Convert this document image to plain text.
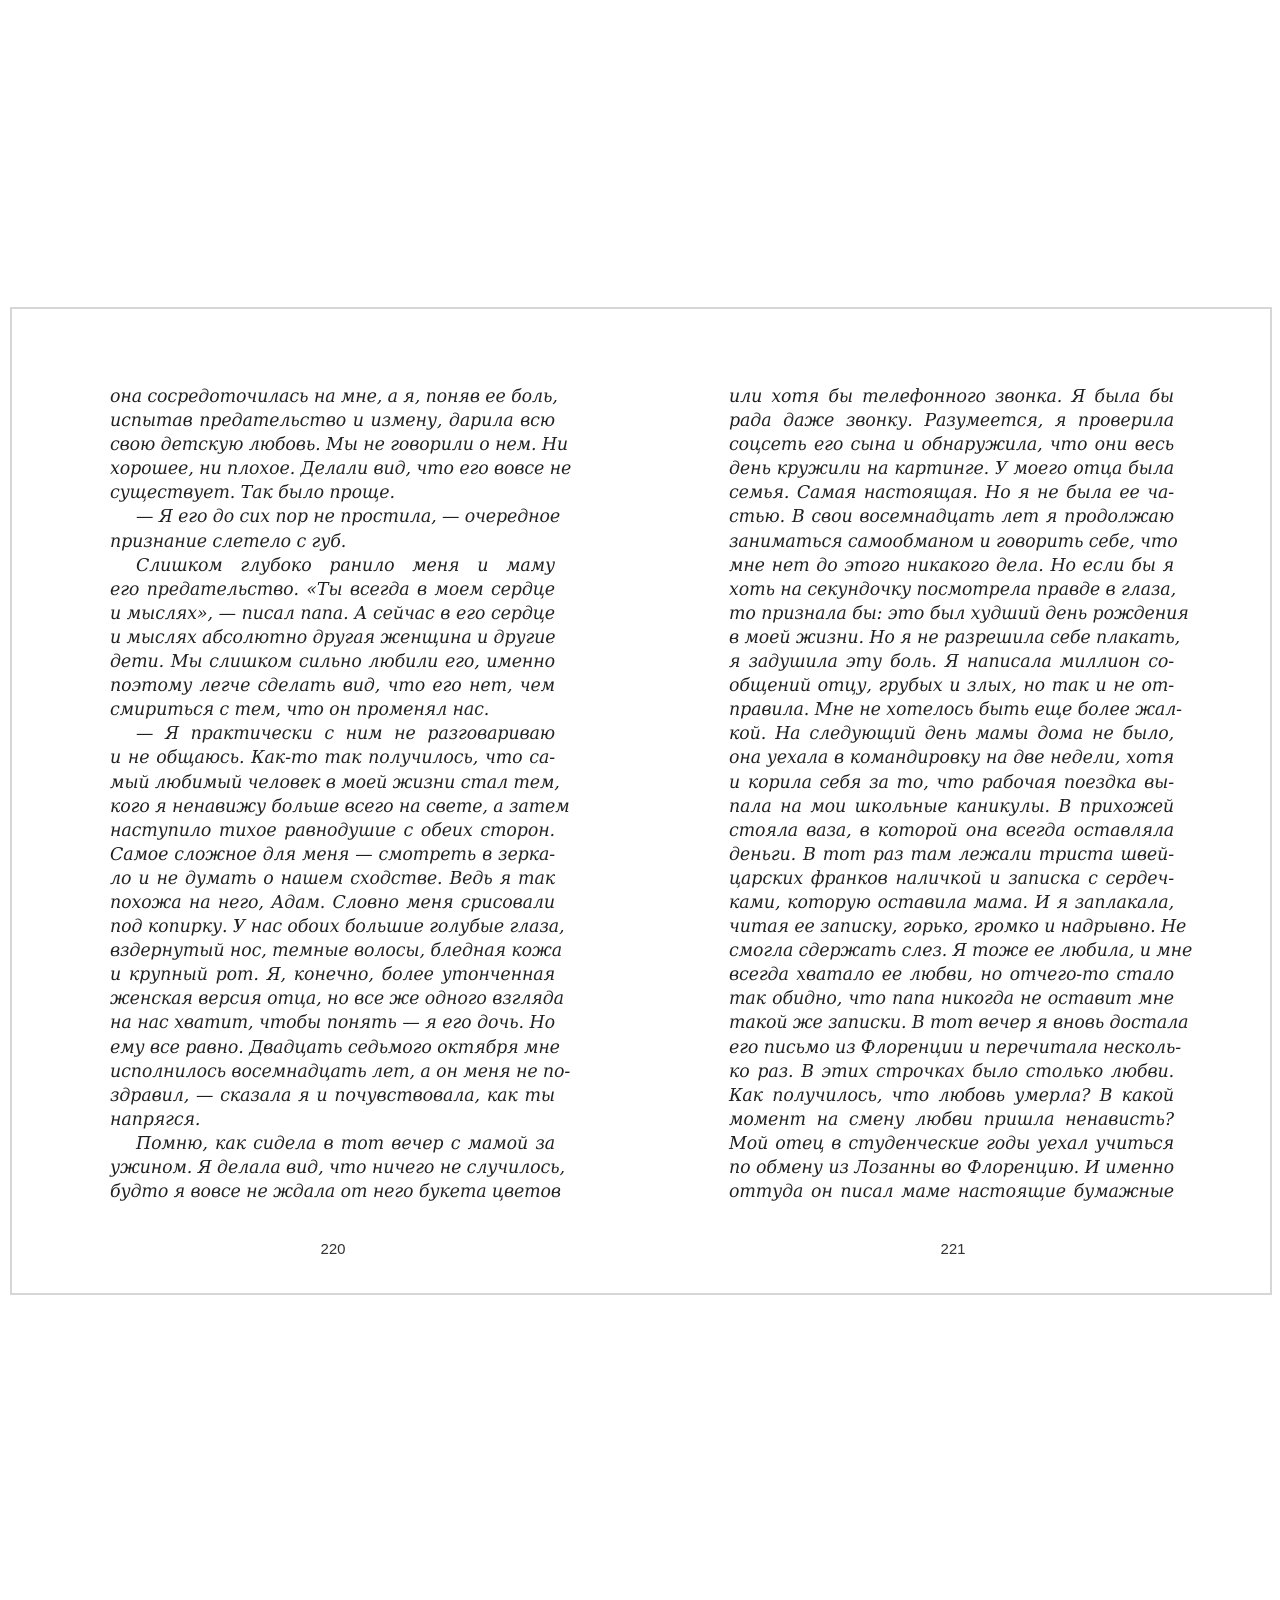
она сосредоточилась на мне, а я, поняв ее боль,
испытав предательство и измену, дарила всю
свою детскую любовь. Мы не говорили о нем. Ни
хорошее, ни плохое. Делали вид, что его вовсе не
существует. Так было проще.
— Я его до сих пор не простила, — очередное
признание слетело с губ.
Слишком глубоко ранило меня и маму
его предательство. «Ты всегда в моем сердце
и мыслях», — писал папа. А сейчас в его сердце
и мыслях абсолютно другая женщина и другие
дети. Мы слишком сильно любили его, именно
поэтому легче сделать вид, что его нет, чем
смириться с тем, что он променял нас.
— Я практически с ним не разговариваю
и не общаюсь. Как-то так получилось, что са-
мый любимый человек в моей жизни стал тем,
кого я ненавижу больше всего на свете, а затем
наступило тихое равнодушие с обеих сторон.
Самое сложное для меня — смотреть в зерка-
ло и не думать о нашем сходстве. Ведь я так
похожа на него, Адам. Словно меня срисовали
под копирку. У нас обоих большие голубые глаза,
вздернутый нос, темные волосы, бледная кожа
и крупный рот. Я, конечно, более утонченная
женская версия отца, но все же одного взгляда
на нас хватит, чтобы понять — я его дочь. Но
ему все равно. Двадцать седьмого октября мне
исполнилось восемнадцать лет, а он меня не по-
здравил, — сказала я и почувствовала, как ты
напрягся.
Помню, как сидела в тот вечер с мамой за
ужином. Я делала вид, что ничего не случилось,
будто я вовсе не ждала от него букета цветов
или хотя бы телефонного звонка. Я была бы
рада даже звонку. Разумеется, я проверила
соцсеть его сына и обнаружила, что они весь
день кружили на картинге. У моего отца была
семья. Самая настоящая. Но я не была ее ча-
стью. В свои восемнадцать лет я продолжаю
заниматься самообманом и говорить себе, что
мне нет до этого никакого дела. Но если бы я
хоть на секундочку посмотрела правде в глаза,
то признала бы: это был худший день рождения
в моей жизни. Но я не разрешила себе плакать,
я задушила эту боль. Я написала миллион со-
общений отцу, грубых и злых, но так и не от-
правила. Мне не хотелось быть еще более жал-
кой. На следующий день мамы дома не было,
она уехала в командировку на две недели, хотя
и корила себя за то, что рабочая поездка вы-
пала на мои школьные каникулы. В прихожей
стояла ваза, в которой она всегда оставляла
деньги. В тот раз там лежали триста швей-
царских франков наличкой и записка с сердеч-
ками, которую оставила мама. И я заплакала,
читая ее записку, горько, громко и надрывно. Не
смогла сдержать слез. Я тоже ее любила, и мне
всегда хватало ее любви, но отчего-то стало
так обидно, что папа никогда не оставит мне
такой же записки. В тот вечер я вновь достала
его письмо из Флоренции и перечитала несколь-
ко раз. В этих строчках было столько любви.
Как получилось, что любовь умерла? В какой
момент на смену любви пришла ненависть?
Мой отец в студенческие годы уехал учиться
по обмену из Лозанны во Флоренцию. И именно
оттуда он писал маме настоящие бумажные
220	221
